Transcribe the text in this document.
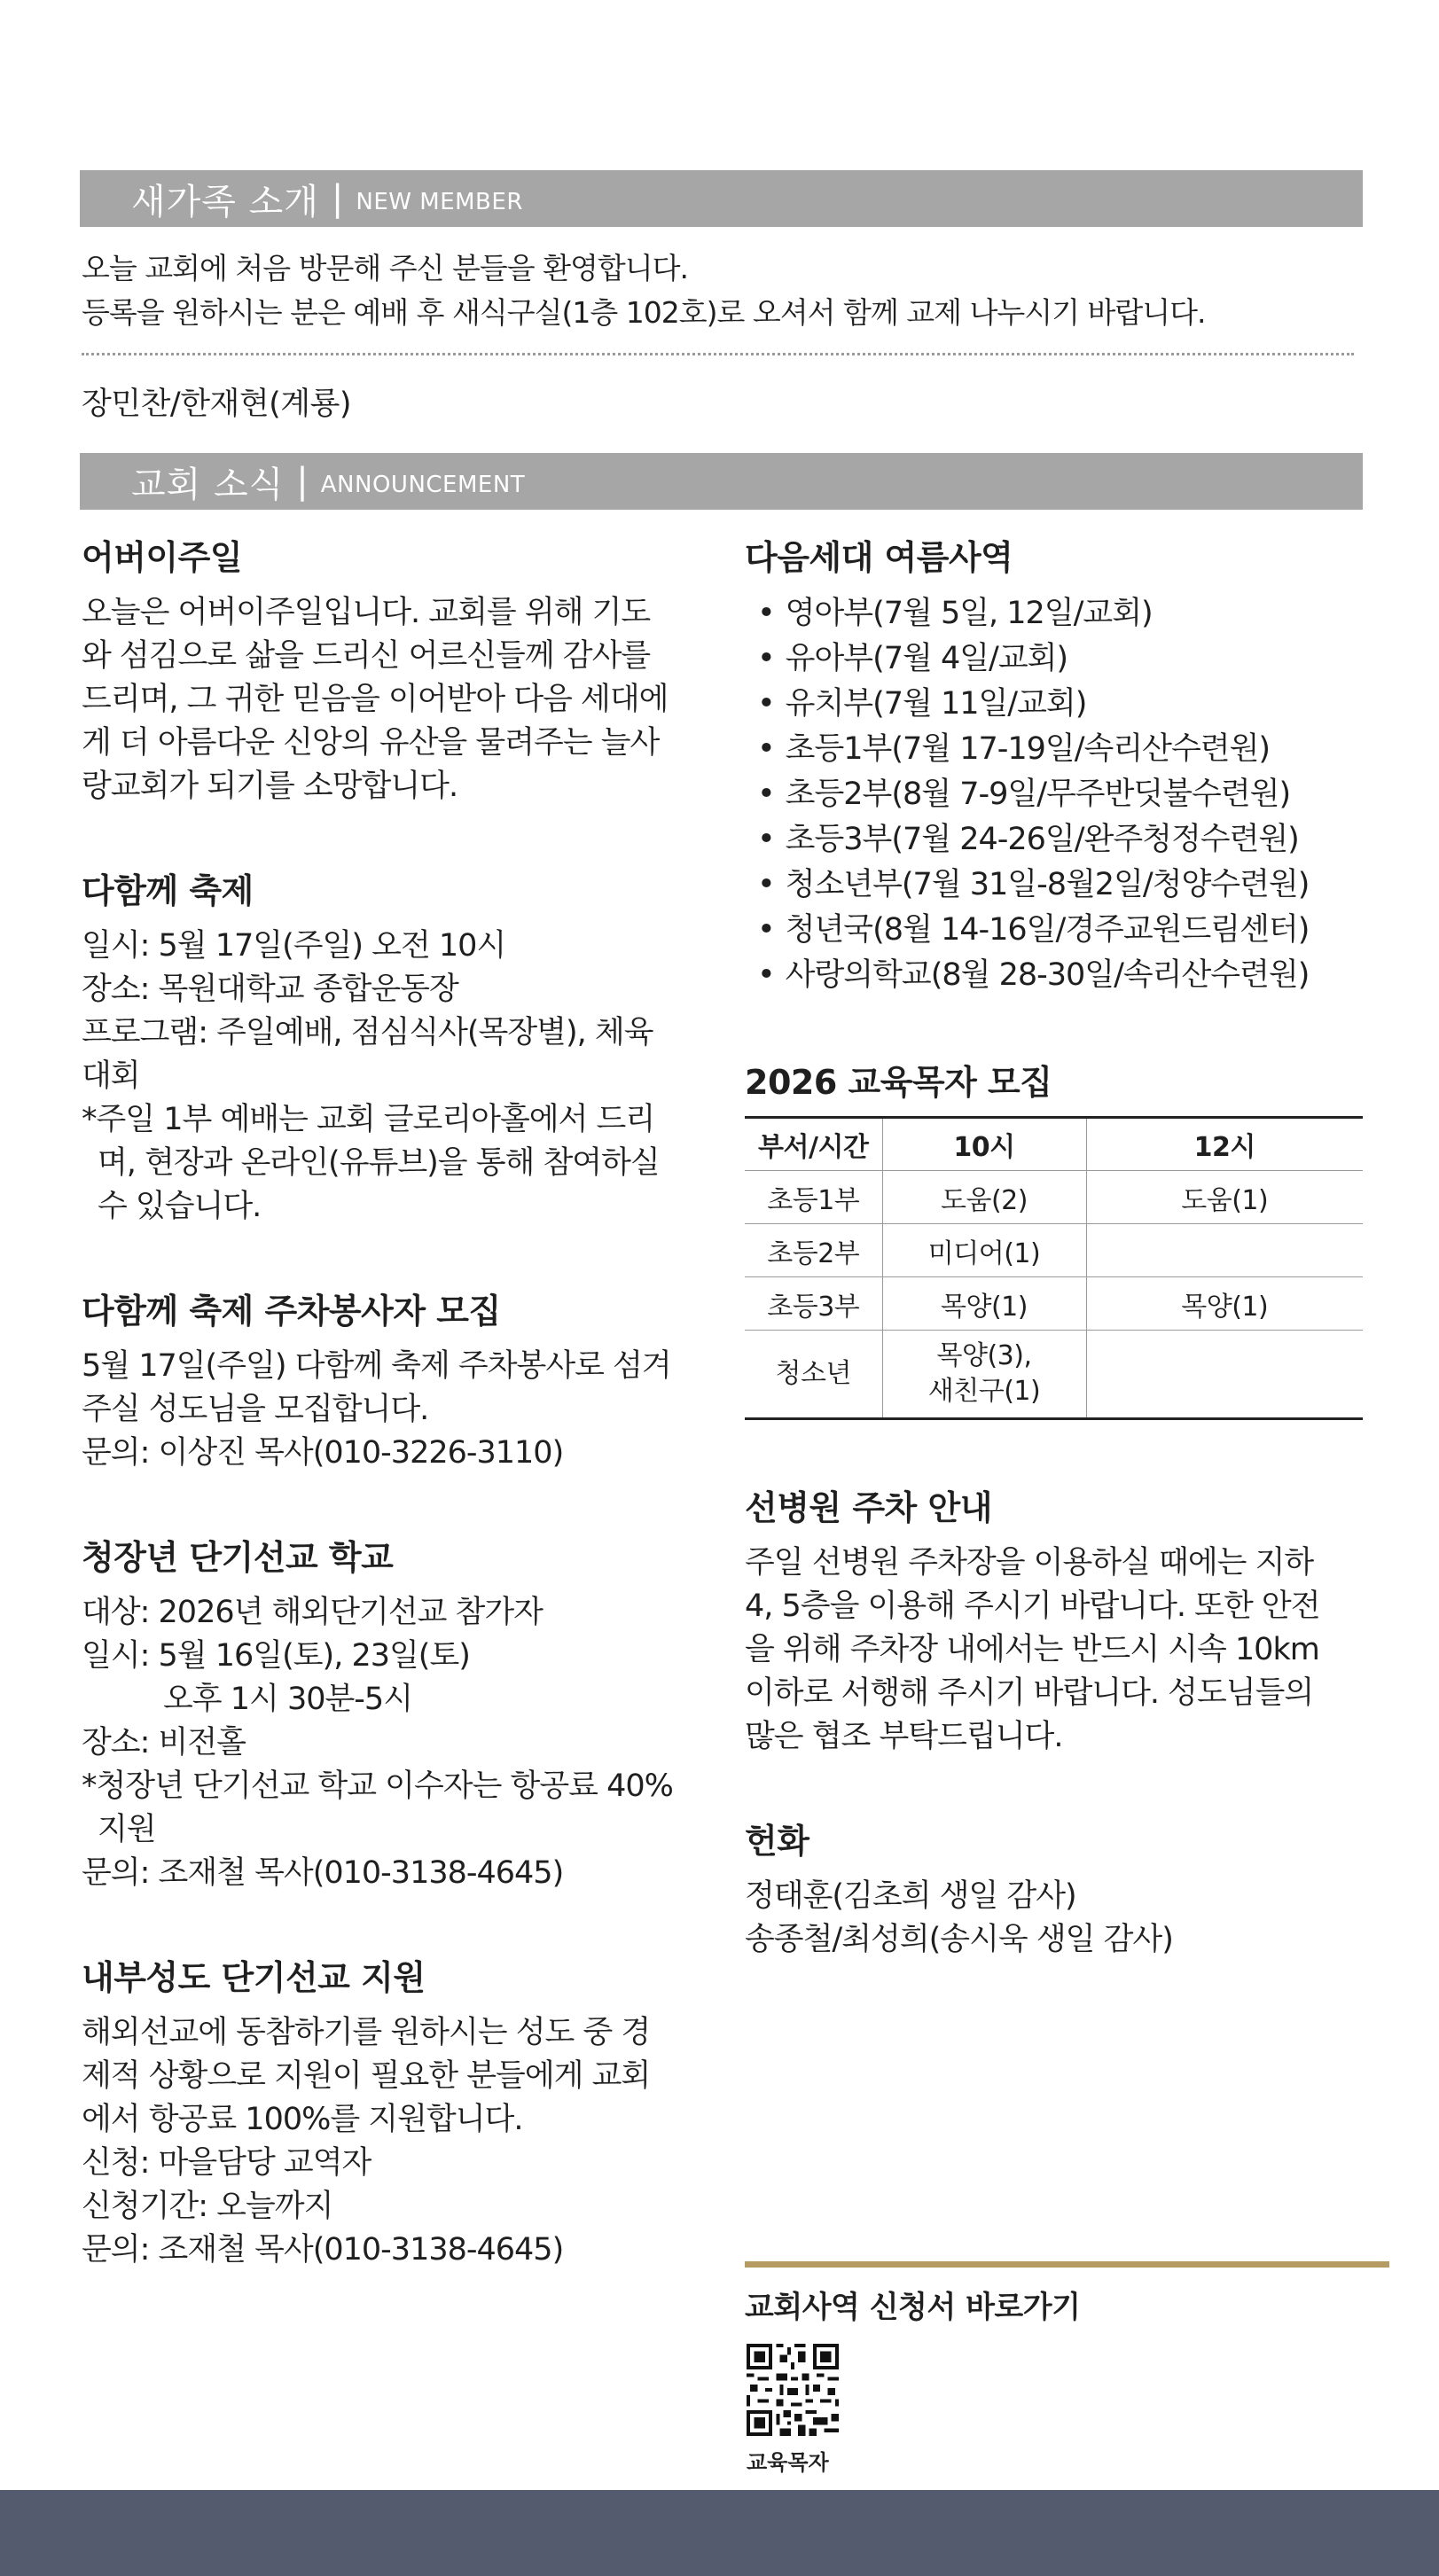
새가족 소개 | NEW MEMBER
오늘 교회에 처음 방문해 주신 분들을 환영합니다.
등록을 원하시는 분은 예배 후 새식구실(1층 102호)로 오셔서 함께 교제 나누시기 바랍니다.
장민찬/한재현(계룡)
교회 소식 | ANNOUNCEMENT
어버이주일

오늘은 어버이주일입니다. 교회를 위해 기도

와 섬김으로 삶을 드리신 어르신들께 감사를

드리며, 그 귀한 믿음을 이어받아 다음 세대에

게 더 아름다운 신앙의 유산을 물려주는 늘사

랑교회가 되기를 소망합니다.

다함께 축제

일시: 5월 17일(주일) 오전 10시

장소: 목원대학교 종합운동장

프로그램: 주일예배, 점심식사(목장별), 체육

대회

*주일 1부 예배는 교회 글로리아홀에서 드리

며, 현장과 온라인(유튜브)을 통해 참여하실

수 있습니다.

다함께 축제 주차봉사자 모집

5월 17일(주일) 다함께 축제 주차봉사로 섬겨

주실 성도님을 모집합니다.

문의: 이상진 목사(010-3226-3110)

청장년 단기선교 학교

대상: 2026년 해외단기선교 참가자

일시: 5월 16일(토), 23일(토)

오후 1시 30분-5시

장소: 비전홀

*청장년 단기선교 학교 이수자는 항공료 40%

지원

문의: 조재철 목사(010-3138-4645)

내부성도 단기선교 지원

해외선교에 동참하기를 원하시는 성도 중 경

제적 상황으로 지원이 필요한 분들에게 교회

에서 항공료 100%를 지원합니다.

신청: 마을담당 교역자

신청기간: 오늘까지

문의: 조재철 목사(010-3138-4645)

다음세대 여름사역
• 영아부(7월 5일, 12일/교회)
• 유아부(7월 4일/교회)
• 유치부(7월 11일/교회)
• 초등1부(7월 17-19일/속리산수련원)
• 초등2부(8월 7-9일/무주반딧불수련원)
• 초등3부(7월 24-26일/완주청정수련원)
• 청소년부(7월 31일-8월2일/청양수련원)
• 청년국(8월 14-16일/경주교원드림센터)
• 사랑의학교(8월 28-30일/속리산수련원)
2026 교육목자 모집
부서/시간	10시	12시
초등1부	도움(2)	도움(1)
초등2부	미디어(1)	
초등3부	목양(1)	목양(1)
청소년	목양(3),
새친구(1)	

선병원 주차 안내

주일 선병원 주차장을 이용하실 때에는 지하

4, 5층을 이용해 주시기 바랍니다. 또한 안전

을 위해 주차장 내에서는 반드시 시속 10km

이하로 서행해 주시기 바랍니다. 성도님들의

많은 협조 부탁드립니다.

헌화

정태훈(김초희 생일 감사)

송종철/최성희(송시욱 생일 감사)

교회사역 신청서 바로가기
교육목자
